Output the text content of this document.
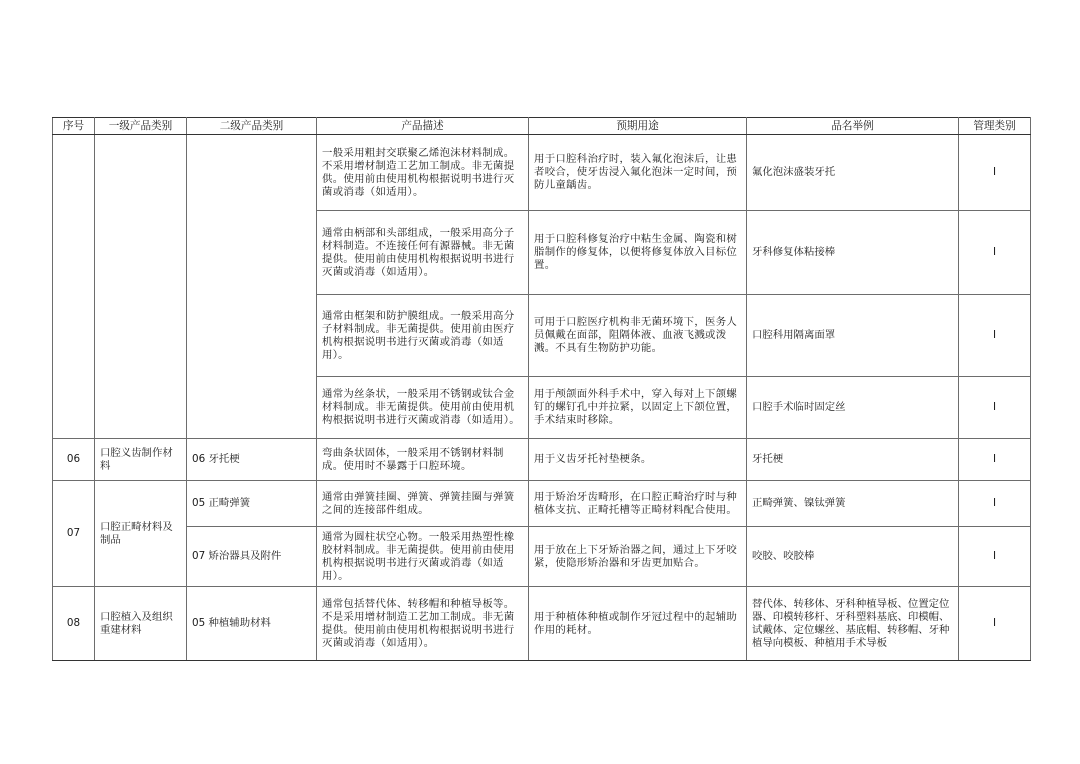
序号	一级产品类别	二级产品类别	产品描述	预期用途	品名举例	管理类别
			一般采用粗封交联聚乙烯泡沫材料制成。不采用增材制造工艺加工制成。非无菌提供。使用前由使用机构根据说明书进行灭菌或消毒（如适用）。	用于口腔科治疗时，装入氟化泡沫后，让患者咬合，使牙齿浸入氟化泡沫一定时间，预防儿童龋齿。	氟化泡沫盛装牙托	I
			通常由柄部和头部组成，一般采用高分子材料制造。不连接任何有源器械。非无菌提供。使用前由使用机构根据说明书进行灭菌或消毒（如适用）。	用于口腔科修复治疗中粘生金属、陶瓷和树脂制作的修复体，以便将修复体放入目标位置。	牙科修复体粘接棒	I
			通常由框架和防护膜组成。一般采用高分子材料制成。非无菌提供。使用前由医疗机构根据说明书进行灭菌或消毒（如适用）。	可用于口腔医疗机构非无菌环境下，医务人员佩戴在面部，阻隔体液、血液飞溅或泼溅。不具有生物防护功能。	口腔科用隔离面罩	I
			通常为丝条状，一般采用不锈钢或钛合金材料制成。非无菌提供。使用前由使用机构根据说明书进行灭菌或消毒（如适用）。	用于颅颌面外科手术中，穿入每对上下颌螺钉的螺钉孔中并拉紧，以固定上下颌位置，手术结束时移除。	口腔手术临时固定丝	I
06	口腔义齿制作材料	06 牙托梗	弯曲条状固体，一般采用不锈钢材料制成。使用时不暴露于口腔环境。	用于义齿牙托衬垫梗条。	牙托梗	I
07	口腔正畸材料及制品	05 正畸弹簧	通常由弹簧挂圈、弹簧、弹簧挂圈与弹簧之间的连接部件组成。	用于矫治牙齿畸形，在口腔正畸治疗时与种植体支抗、正畸托槽等正畸材料配合使用。	正畸弹簧、镍钛弹簧	I
		07 矫治器具及附件	通常为圆柱状空心物。一般采用热塑性橡胶材料制成。非无菌提供。使用前由使用机构根据说明书进行灭菌或消毒（如适用）。	用于放在上下牙矫治器之间，通过上下牙咬紧，使隐形矫治器和牙齿更加贴合。	咬胶、咬胶棒	I
08	口腔植入及组织重建材料	05 种植辅助材料	通常包括替代体、转移帽和种植导板等。不是采用增材制造工艺加工制成。非无菌提供。使用前由使用机构根据说明书进行灭菌或消毒（如适用）。	用于种植体种植或制作牙冠过程中的起辅助作用的耗材。	替代体、转移体、牙科种植导板、位置定位器、印模转移杆、牙科塑料基底、印模帽、试戴体、定位螺丝、基底帽、转移帽、牙种植导向模板、种植用手术导板	I
